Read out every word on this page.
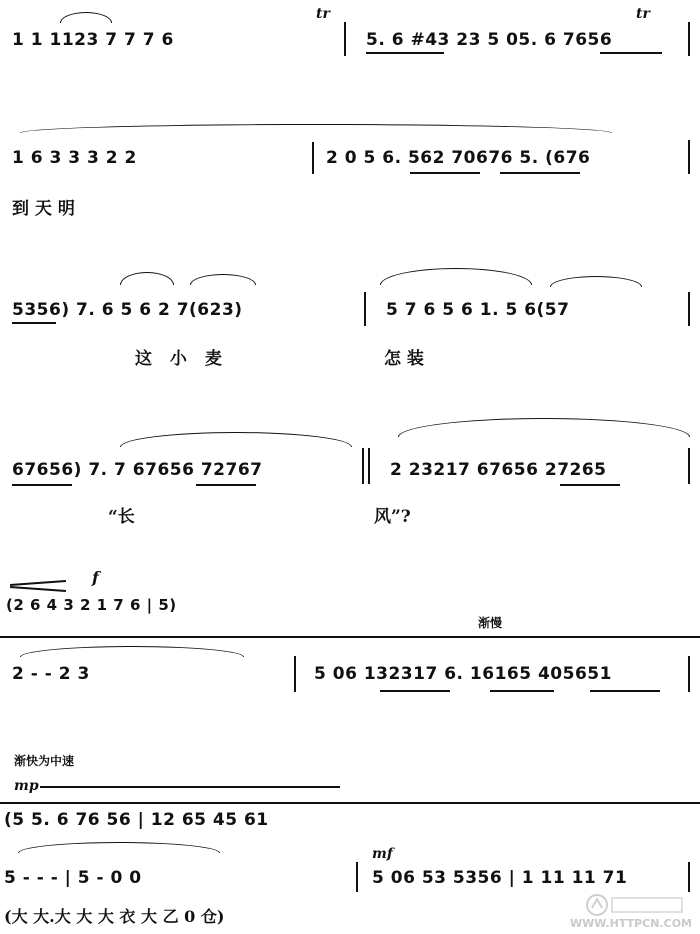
1 1 1123 7 7 7 6	5. 6 #43 23 5 05. 6 7656
tr	tr
1 6 3 3 3 2 2	2 0 5 6. 562 70676 5. (676
到 天 明
5356) 7. 6 5 6 2 7(623)	5 7 6 5 6 1. 5 6(57
这 小 麦	怎 装
67656) 7. 7 67656 72767	2 23217 67656 27265
“长	风”?
f
(2 6 4 3 2 1 7 6 | 5)
渐慢
2 - - 2 3	5 06 132317 6. 16165 405651
渐快为中速
mp
(5 5. 6 76 56 | 12 65 45 61
mf
5 - - - | 5 - 0 0	5 06 53 5356 | 1 11 11 71
(大 大.大 大 大 衣 大 乙 0 仓)	WWW.HTTPCN.COM
